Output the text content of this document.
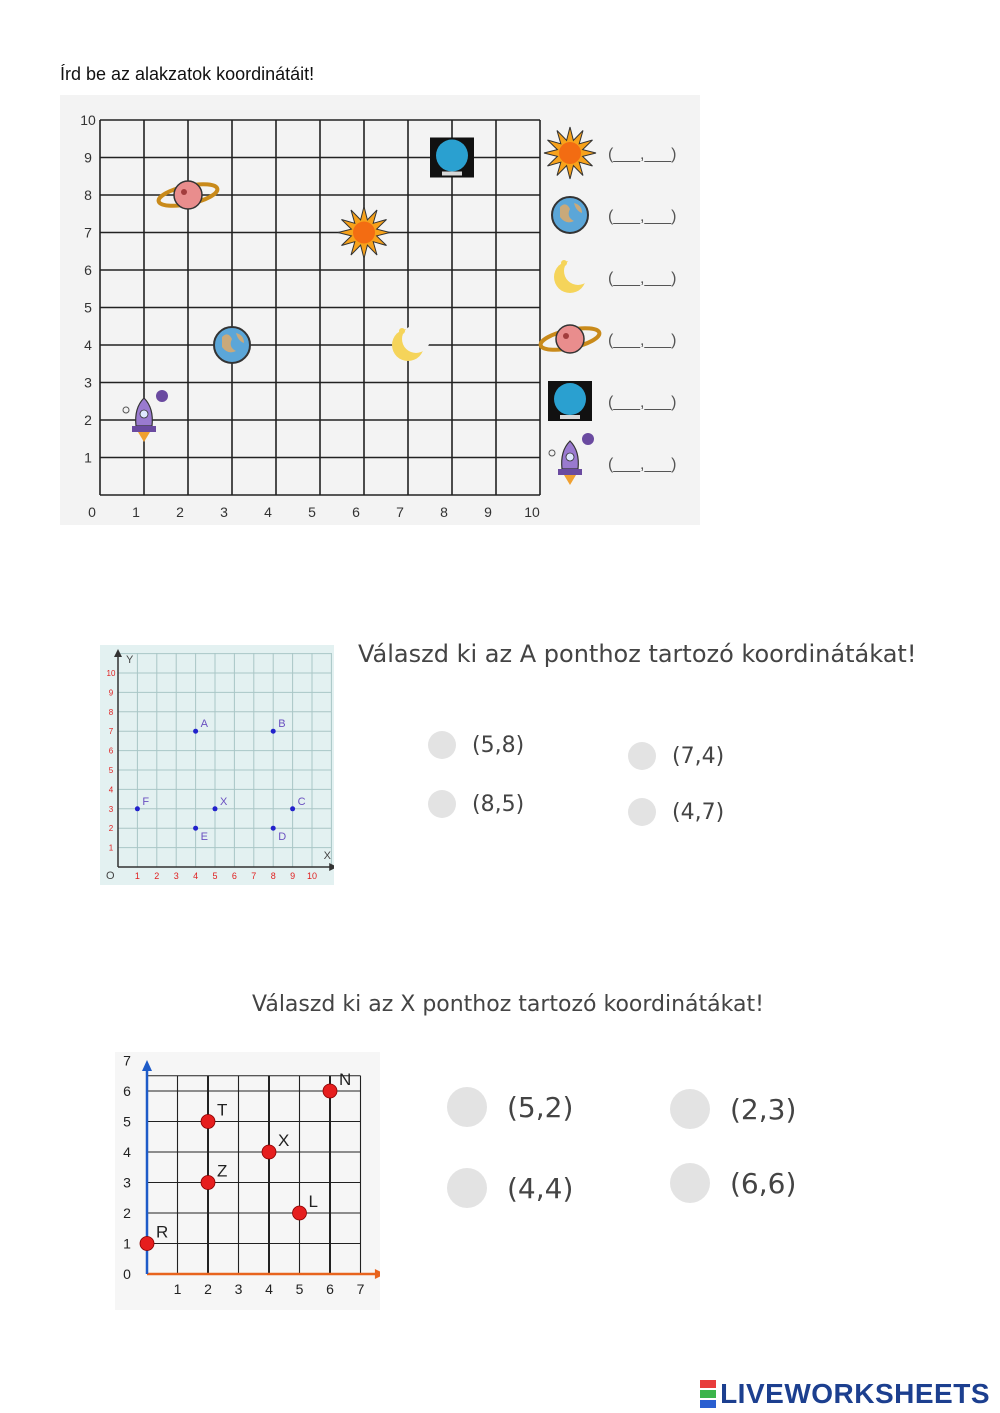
Írd be az alakzatok koordinátáit!
0	1	2	3	4	5	6	7	8	9 10
1
2
3
4
5
6
7
8
9
10
(___,___)
(___,___)
(___,___)
(___,___)
(___,___)
(___,___)
Válaszd ki az A ponthoz tartozó koordinátákat!
X
Y
O 1
1
2
2
3
3
4
4
5
5
6
6
7
7
8
8
9
9
10
10
A	B
F	X	C
E	D
(5,8)
(8,5)
(7,4)
(4,7)
Válaszd ki az X ponthoz tartozó koordinátákat!
1 2 3 4 5 6 7
0
1
2
3
4
5
6
7
R
T
Z
X
L
N
(5,2)
(4,4)
(2,3)
(6,6)
LIVEWORKSHEETS
